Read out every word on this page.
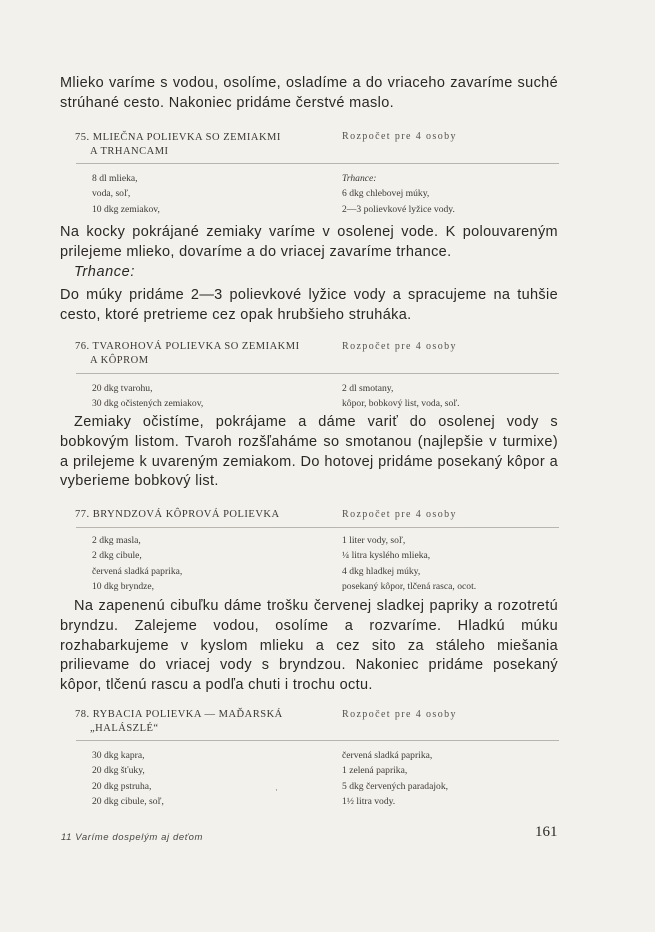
Mlieko varíme s vodou, osolíme, osladíme a do vriaceho zavaríme suché strúhané cesto. Nakoniec pridáme čerstvé maslo.

75. MLIEČNA POLIEVKA SO ZEMIAKMI
A TRHANCAMI
Rozpočet pre 4 osoby
8 dl mlieka,
voda, soľ,
10 dkg zemiakov,
Trhance:
6 dkg chlebovej múky,
2—3 polievkové lyžice vody.

Na kocky pokrájané zemiaky varíme v osolenej vode. K polouvareným prilejeme mlieko, dovaríme a do vriacej zavaríme trhance.

Trhance:

Do múky pridáme 2—3 polievkové lyžice vody a spracujeme na tuhšie cesto, ktoré pretrieme cez opak hrubšieho struháka.

76. TVAROHOVÁ POLIEVKA SO ZEMIAKMI
A KÔPROM
Rozpočet pre 4 osoby
20 dkg tvarohu,
30 dkg očistených zemiakov,
2 dl smotany,
kôpor, bobkový list, voda, soľ.

Zemiaky očistíme, pokrájame a dáme variť do osolenej vody s bobkovým listom. Tvaroh rozšľaháme so smotanou (najlepšie v turmixe) a prilejeme k uvareným zemiakom. Do hotovej pridáme posekaný kôpor a vyberieme bobkový list.

77. BRYNDZOVÁ KÔPROVÁ POLIEVKA	Rozpočet pre 4 osoby
2 dkg masla,
2 dkg cibule,
červená sladká paprika,
10 dkg bryndze,
1 liter vody, soľ,
¼ litra kyslého mlieka,
4 dkg hladkej múky,
posekaný kôpor, tlčená rasca, ocot.

Na zapenenú cibuľku dáme trošku červenej sladkej papriky a rozotretú bryndzu. Zalejeme vodou, osolíme a rozvaríme. Hladkú múku rozhabarkujeme v kyslom mlieku a cez sito za stáleho miešania prilievame do vriacej vody s bryndzou. Nakoniec pridáme posekaný kôpor, tlčenú rascu a podľa chuti i trochu octu.

78. RYBACIA POLIEVKA — MAĎARSKÁ
„HALÁSZLÉ“
Rozpočet pre 4 osoby
30 dkg kapra,
20 dkg šťuky,
20 dkg pstruha,
20 dkg cibule, soľ,
·
červená sladká paprika,
1 zelená paprika,
5 dkg červených paradajok,
1½ litra vody.
11 Varíme dospelým aj deťom	161
